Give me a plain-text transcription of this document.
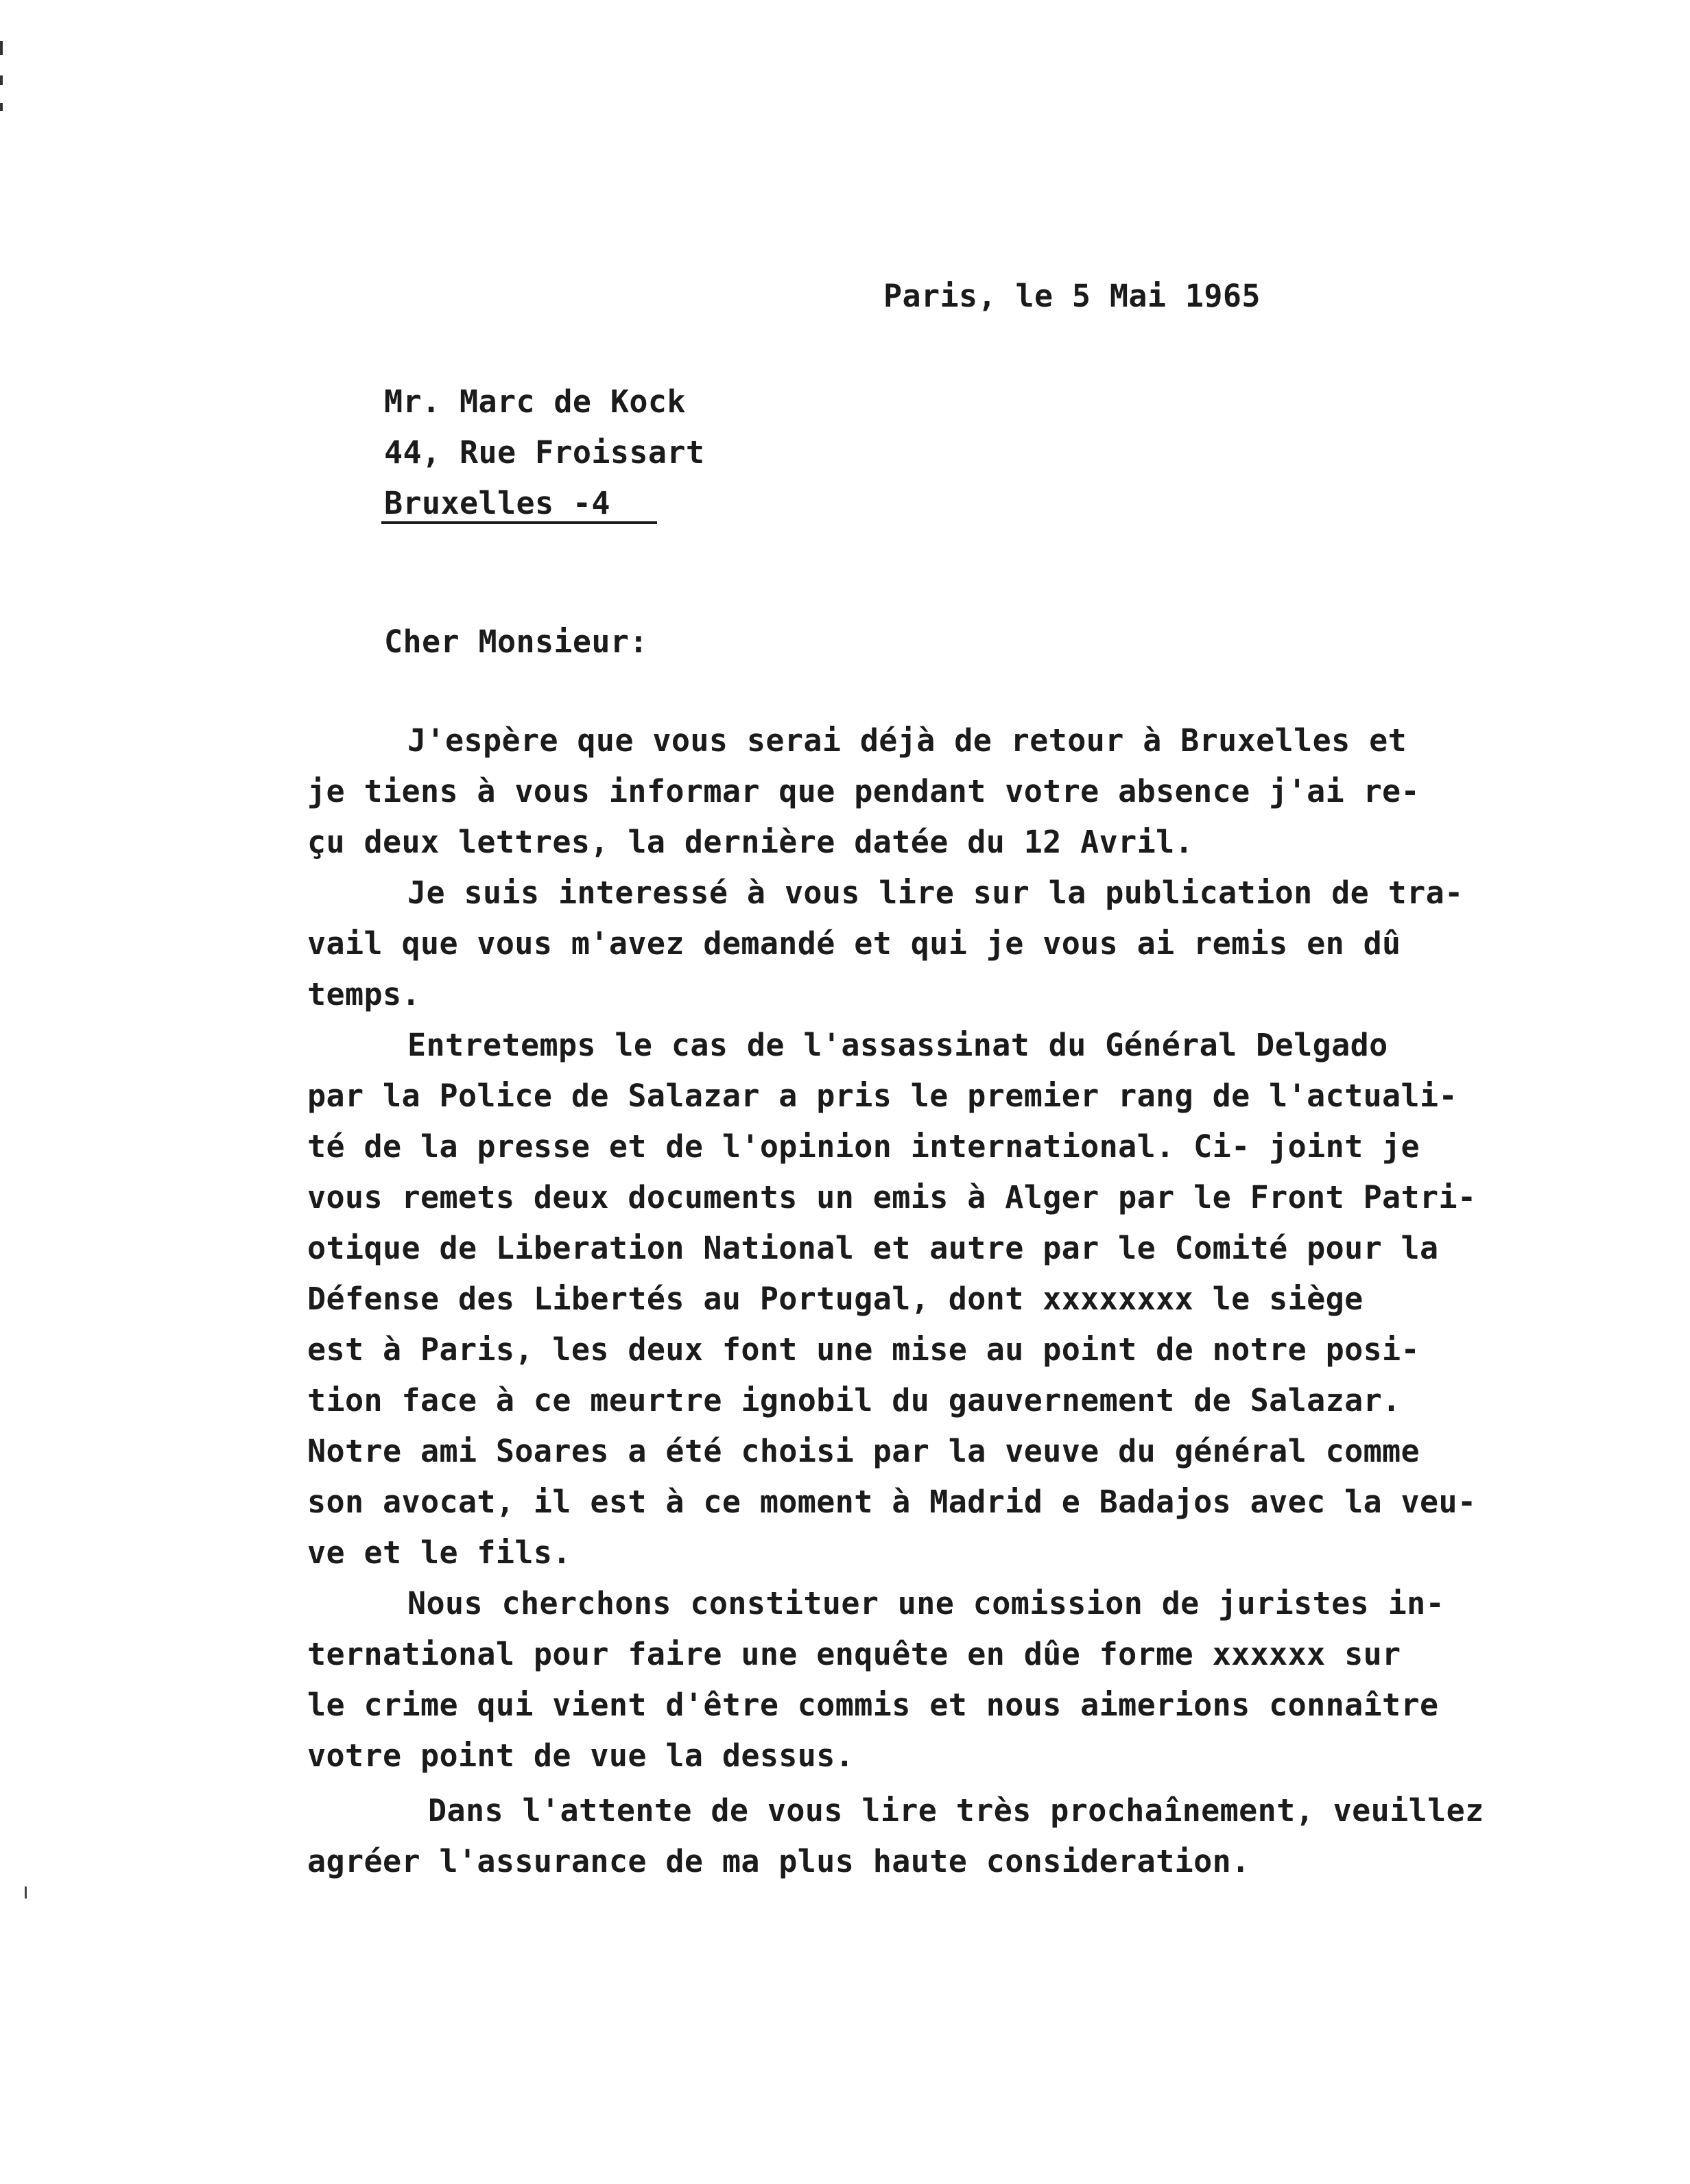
Paris, le 5 Mai 1965
Mr. Marc de Kock
44, Rue Froissart
Bruxelles -4
Cher Monsieur:
J'espère que vous serai déjà de retour à Bruxelles et
je tiens à vous informar que pendant votre absence j'ai re-
çu deux lettres, la dernière datée du 12 Avril.
Je suis interessé à vous lire sur la publication de tra-
vail que vous m'avez demandé et qui je vous ai remis en dû
temps.
Entretemps le cas de l'assassinat du Général Delgado
par la Police de Salazar a pris le premier rang de l'actuali-
té de la presse et de l'opinion international. Ci- joint je
vous remets deux documents un emis à Alger par le Front Patri-
otique de Liberation National et autre par le Comité pour la
Défense des Libertés au Portugal, dont xxxxxxxx le siège
est à Paris, les deux font une mise au point de notre posi-
tion face à ce meurtre ignobil du gauvernement de Salazar.
Notre ami Soares a été choisi par la veuve du général comme
son avocat, il est à ce moment à Madrid e Badajos avec la veu-
ve et le fils.
Nous cherchons constituer une comission de juristes in-
ternational pour faire une enquête en dûe forme xxxxxx sur
le crime qui vient d'être commis et nous aimerions connaître
votre point de vue la dessus.
Dans l'attente de vous lire très prochaînement, veuillez
agréer l'assurance de ma plus haute consideration.
